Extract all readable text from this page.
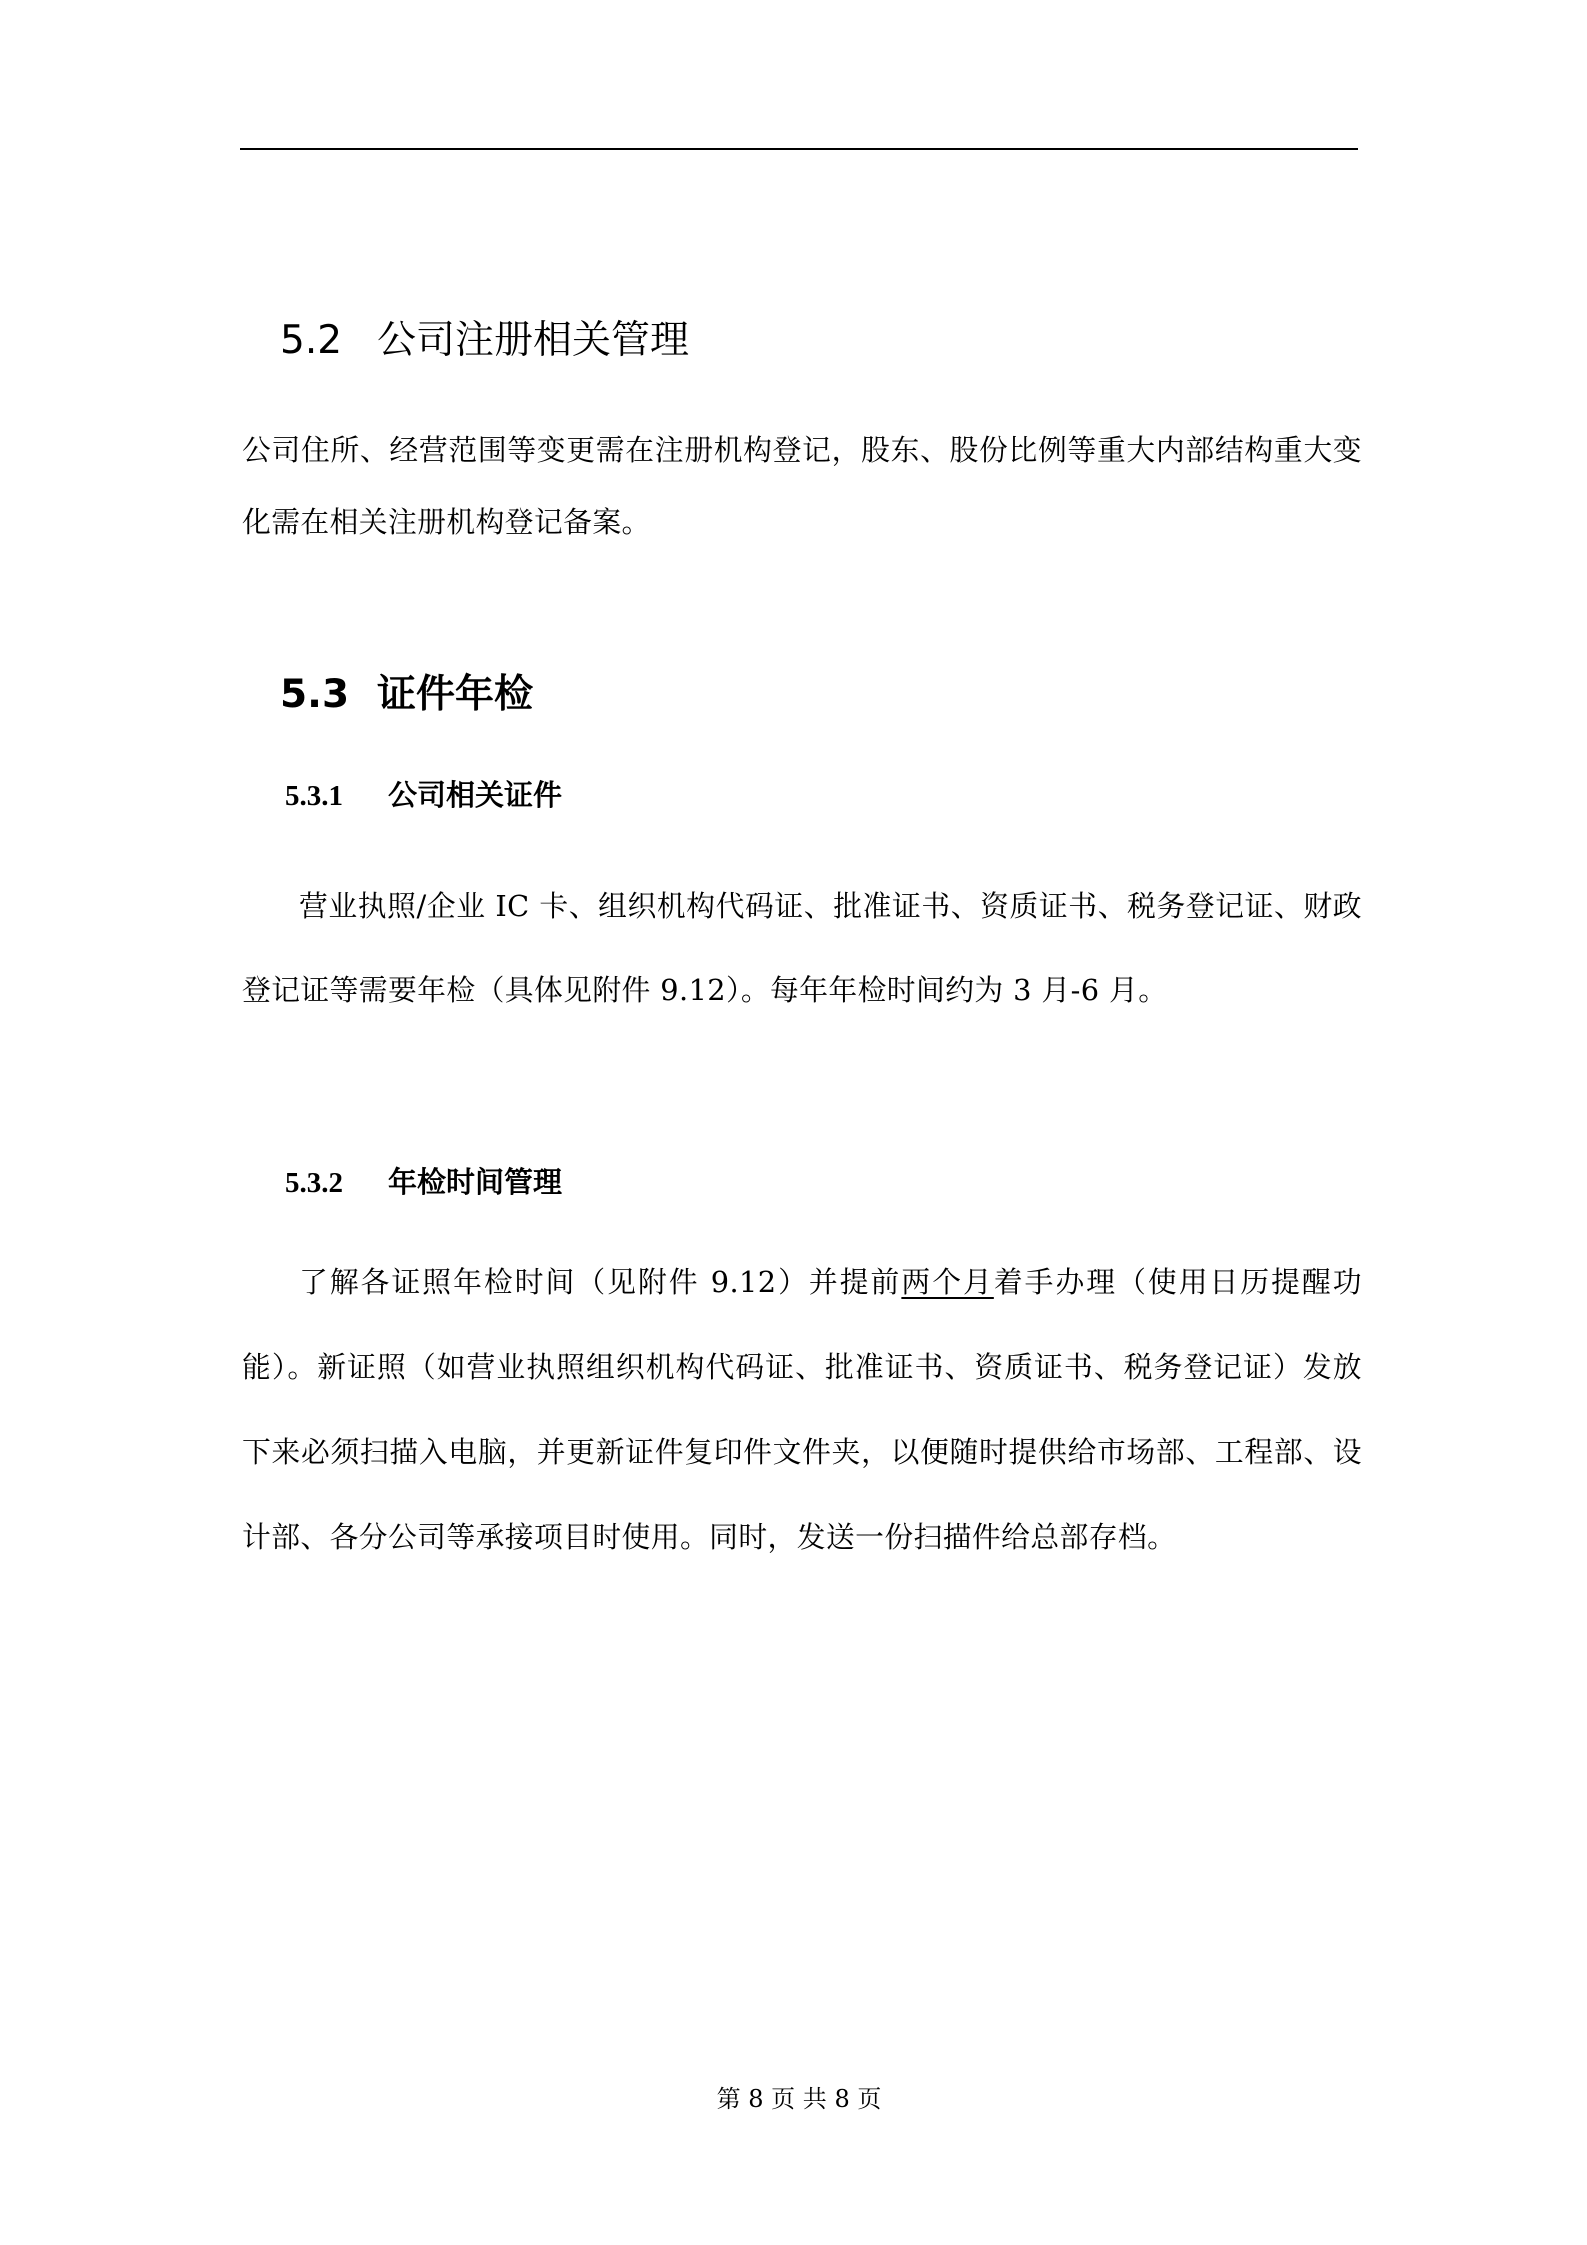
5.2 公司注册相关管理

公司住所、经营范围等变更需在注册机构登记，股东、股份比例等重大内部结构重大变化需在相关注册机构登记备案。

5.3 证件年检
5.3.1 公司相关证件

营业执照/企业 IC 卡、组织机构代码证、批准证书、资质证书、税务登记证、财政登记证等需要年检（具体见附件 9.12）。每年年检时间约为 3 月-6 月。

5.3.2 年检时间管理

了解各证照年检时间（见附件 9.12）并提前两个月着手办理（使用日历提醒功能）。新证照（如营业执照组织机构代码证、批准证书、资质证书、税务登记证）发放下来必须扫描入电脑，并更新证件复印件文件夹，以便随时提供给市场部、工程部、设计部、各分公司等承接项目时使用。同时，发送一份扫描件给总部存档。

第 8 页 共 8 页
